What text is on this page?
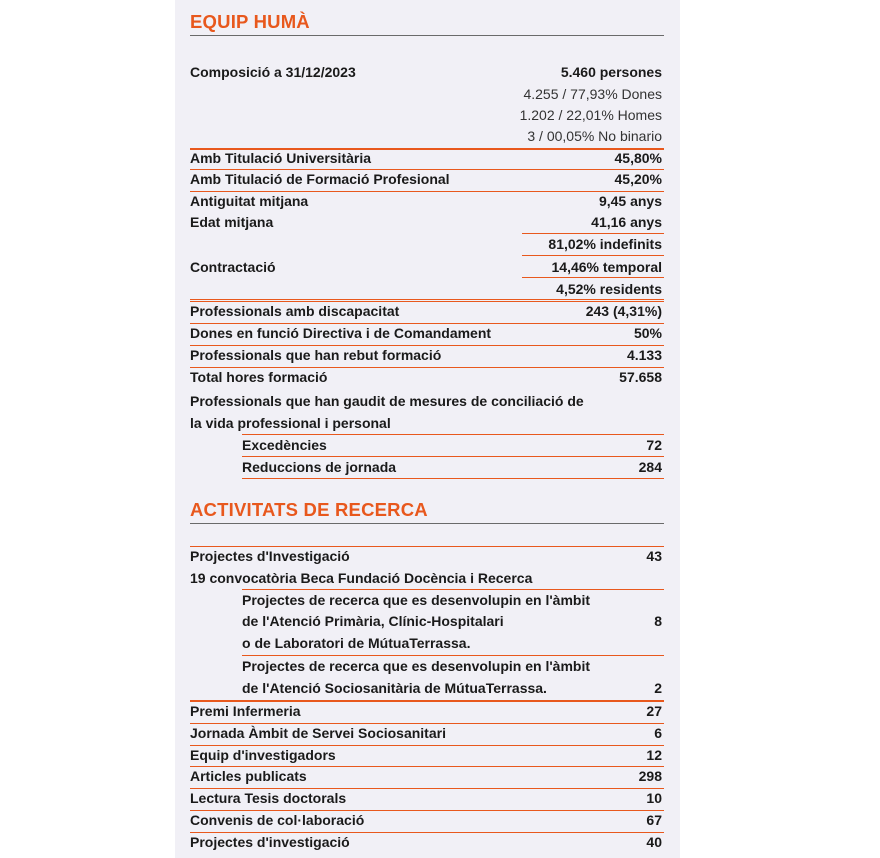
EQUIP HUMÀ
Composició a 31/12/2023	5.460 persones
4.255 / 77,93% Dones
1.202 / 22,01% Homes
3 / 00,05% No binario
Amb Titulació Universitària	45,80%
Amb Titulació de Formació Profesional	45,20%
Antiguitat mitjana	9,45 anys
Edat mitjana	41,16 anys
81,02% indefinits
Contractació	14,46% temporal
4,52% residents
Professionals amb discapacitat	243 (4,31%)
Dones en funció Directiva i de Comandament	50%
Professionals que han rebut formació	4.133
Total hores formació	57.658
Professionals que han gaudit de mesures de conciliació de
la vida professional i personal
Excedències	72
Reduccions de jornada	284
ACTIVITATS DE RECERCA
Projectes d'Investigació	43
19 convocatòria Beca Fundació Docència i Recerca
Projectes de recerca que es desenvolupin en l'àmbit
de l'Atenció Primària, Clínic-Hospitalari	8
o de Laboratori de MútuaTerrassa.
Projectes de recerca que es desenvolupin en l'àmbit
de l'Atenció Sociosanitària de MútuaTerrassa.	2
Premi Infermeria	27
Jornada Àmbit de Servei Sociosanitari	6
Equip d'investigadors	12
Articles publicats	298
Lectura Tesis doctorals	10
Convenis de col·laboració	67
Projectes d'investigació	40
